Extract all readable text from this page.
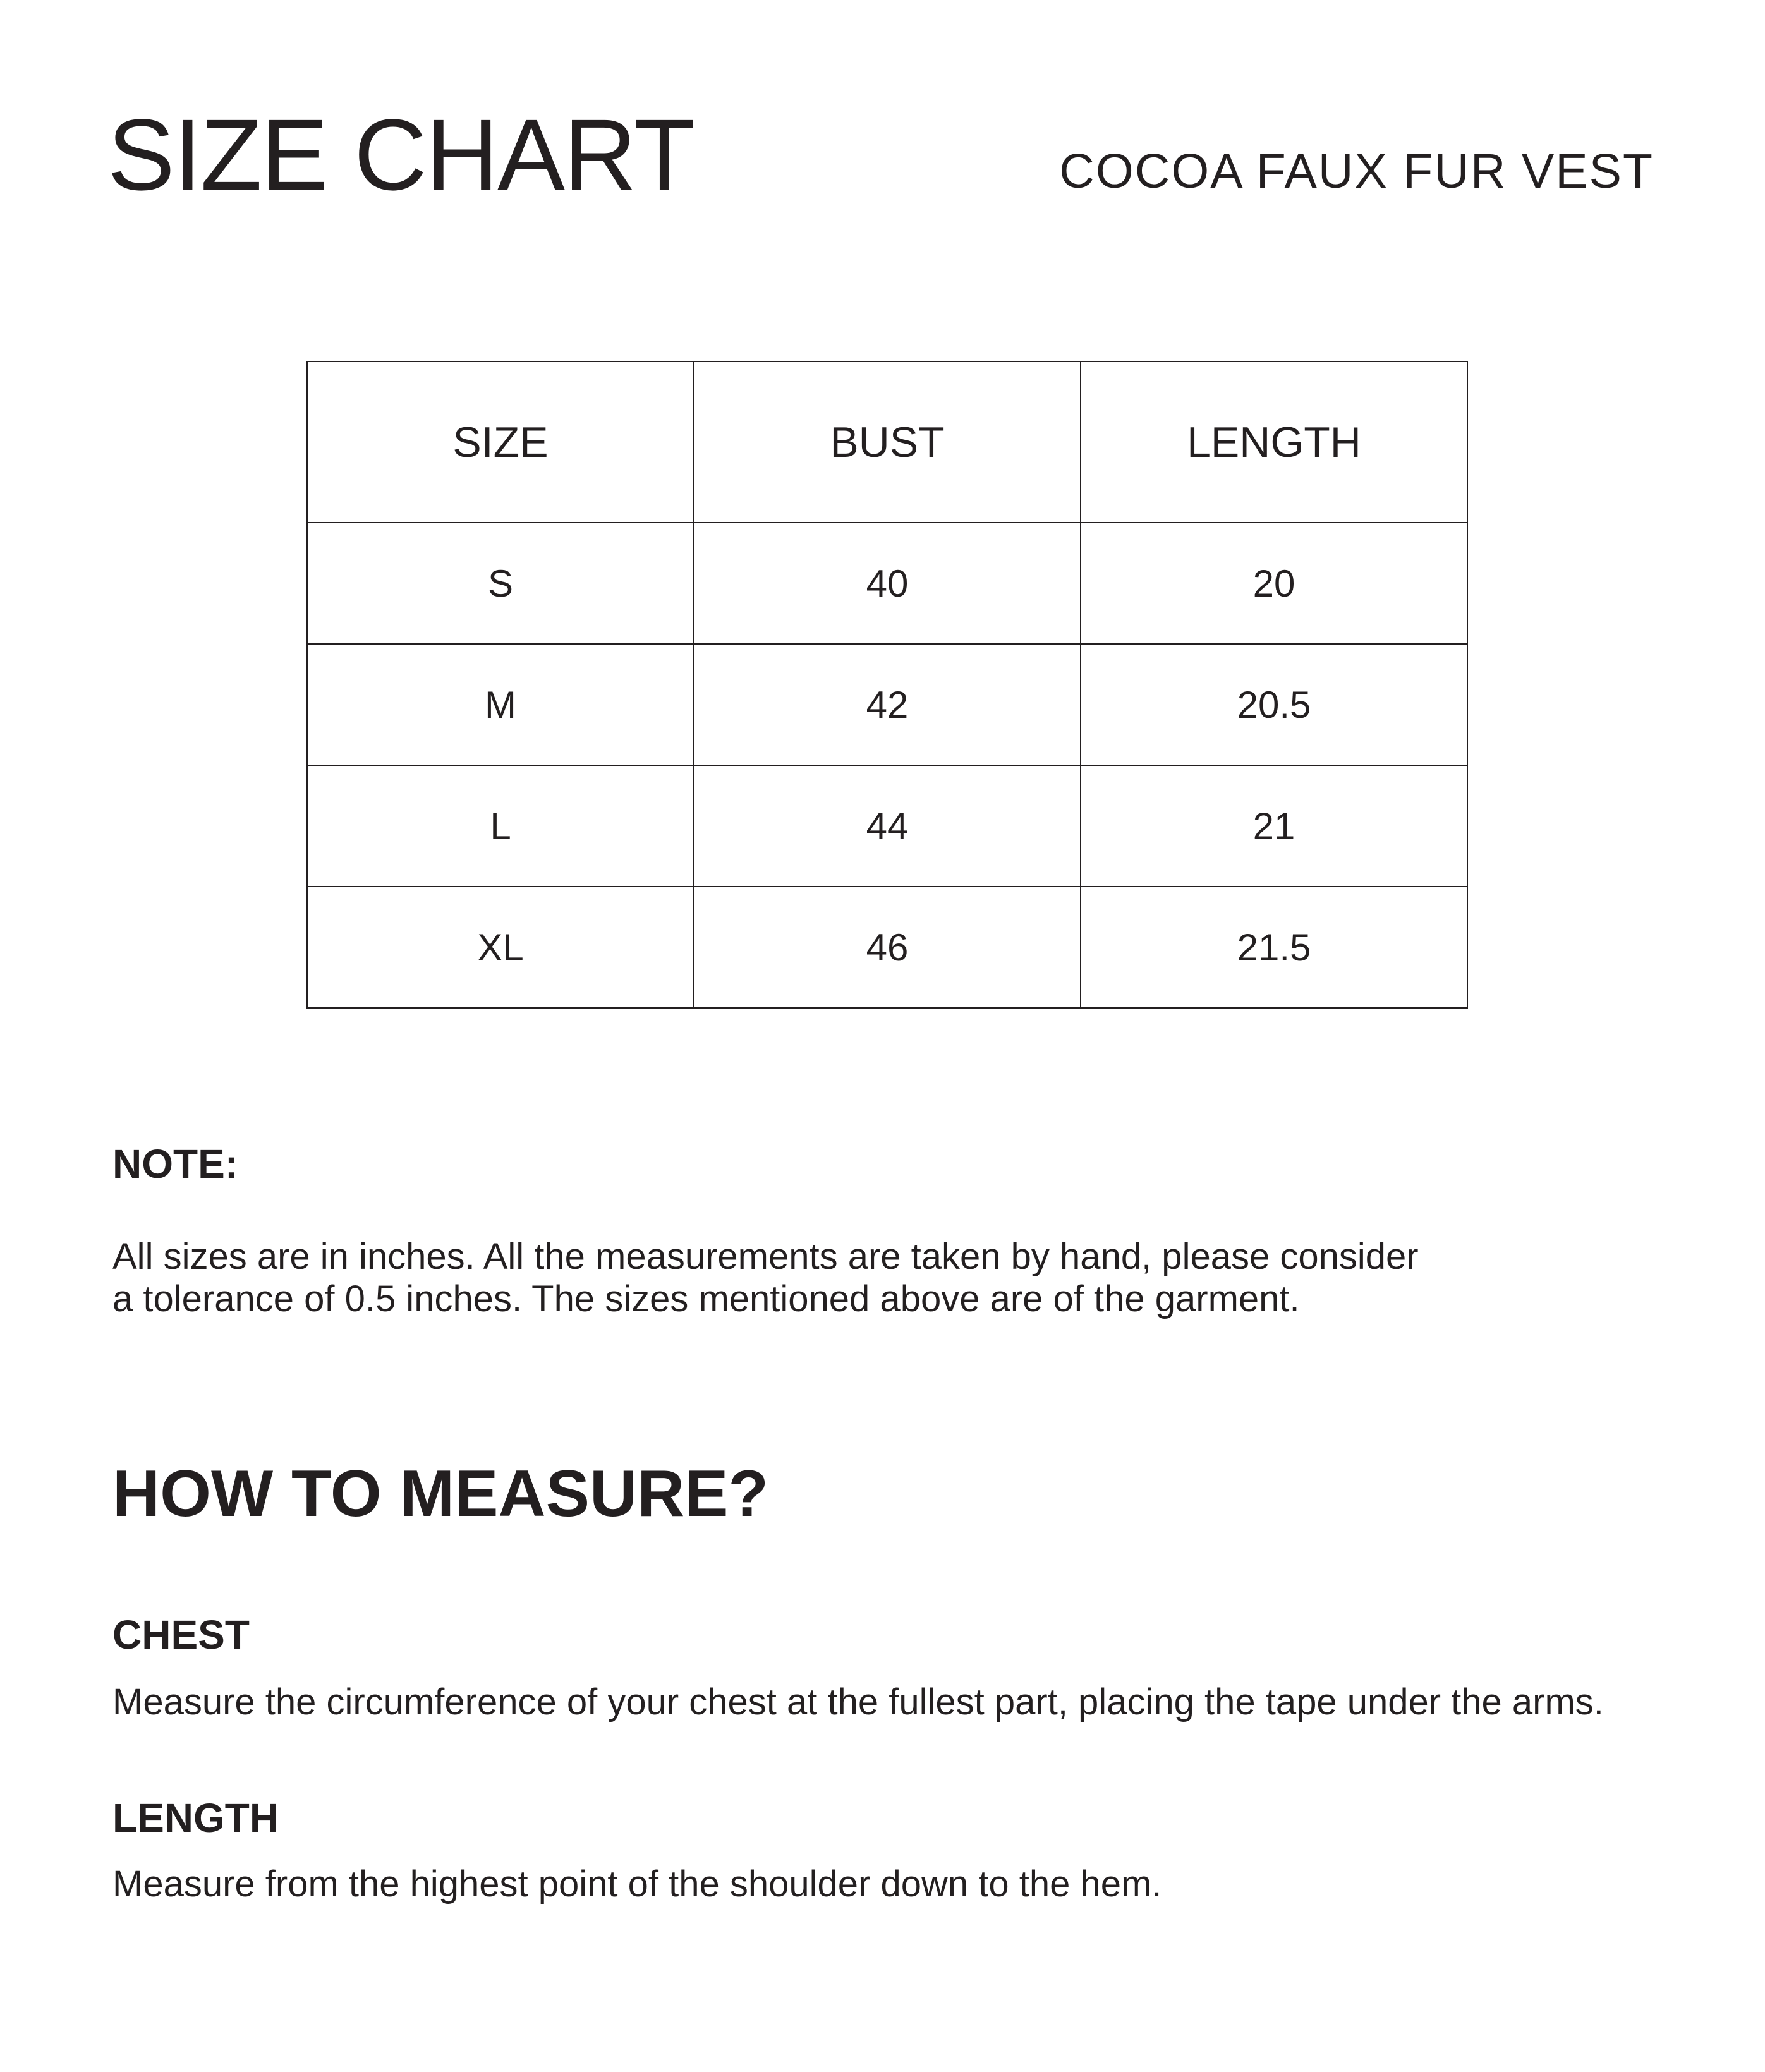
SIZE CHART	COCOA FAUX FUR VEST
SIZE	BUST	LENGTH
S	40	20
M	42	20.5
L	44	21
XL	46	21.5
NOTE:
All sizes are in inches. All the measurements are taken by hand, please consider
a tolerance of 0.5 inches. The sizes mentioned above are of the garment.
HOW TO MEASURE?
CHEST
Measure the circumference of your chest at the fullest part, placing the tape under the arms.
LENGTH
Measure from the highest point of the shoulder down to the hem.
